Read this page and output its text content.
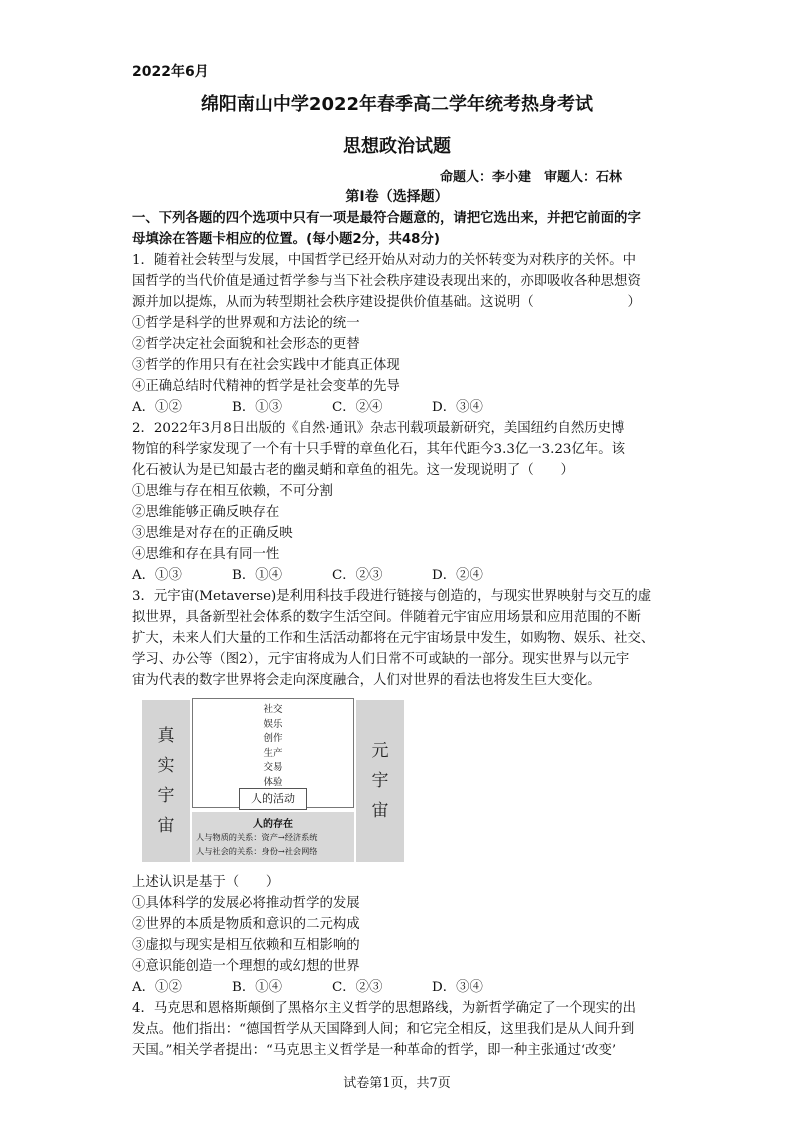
2022年6月
绵阳南山中学2022年春季高二学年统考热身考试
思想政治试题
命题人：李小建　审题人：石林
第Ⅰ卷（选择题）
一、下列各题的四个选项中只有一项是最符合题意的，请把它选出来，并把它前面的字
母填涂在答题卡相应的位置。(每小题2分，共48分)
1．随着社会转型与发展，中国哲学已经开始从对动力的关怀转变为对秩序的关怀。中
国哲学的当代价值是通过哲学参与当下社会秩序建设表现出来的，亦即吸收各种思想资
源并加以提炼，从而为转型期社会秩序建设提供价值基础。这说明（　　　　　　　）
①哲学是科学的世界观和方法论的统一
②哲学决定社会面貌和社会形态的更替
③哲学的作用只有在社会实践中才能真正体现
④正确总结时代精神的哲学是社会变革的先导
A．①②	B．①③	C．②④	D．③④
2．2022年3月8日出版的《自然·通讯》杂志刊载项最新研究，美国纽约自然历史博
物馆的科学家发现了一个有十只手臂的章鱼化石，其年代距今3.3亿一3.23亿年。该
化石被认为是已知最古老的幽灵蛸和章鱼的祖先。这一发现说明了（　　）
①思维与存在相互依赖，不可分割
②思维能够正确反映存在
③思维是对存在的正确反映
④思维和存在具有同一性
A．①③	B．①④	C．②③	D．②④
3．元宇宙(Metaverse)是利用科技手段进行链接与创造的，与现实世界映射与交互的虚
拟世界，具备新型社会体系的数字生活空间。伴随着元宇宙应用场景和应用范围的不断
扩大，未来人们大量的工作和生活活动都将在元宇宙场景中发生，如购物、娱乐、社交、
学习、办公等（图2），元宇宙将成为人们日常不可或缺的一部分。现实世界与以元宇
宙为代表的数字世界将会走向深度融合，人们对世界的看法也将发生巨大变化。
真
实
宇
宙
社交
娱乐
创作
生产
交易
体验
人的活动
人的存在
人与物质的关系：资产→经济系统
人与社会的关系：身份→社会网络
元
宇
宙
上述认识是基于（　　）
①具体科学的发展必将推动哲学的发展
②世界的本质是物质和意识的二元构成
③虚拟与现实是相互依赖和互相影响的
④意识能创造一个理想的或幻想的世界
A．①②	B．①④	C．②③	D．③④
4．马克思和恩格斯颠倒了黑格尔主义哲学的思想路线，为新哲学确定了一个现实的出
发点。他们指出：“德国哲学从天国降到人间；和它完全相反，这里我们是从人间升到
天国。”相关学者提出：“马克思主义哲学是一种革命的哲学，即一种主张通过‘改变’
试卷第1页，共7页
